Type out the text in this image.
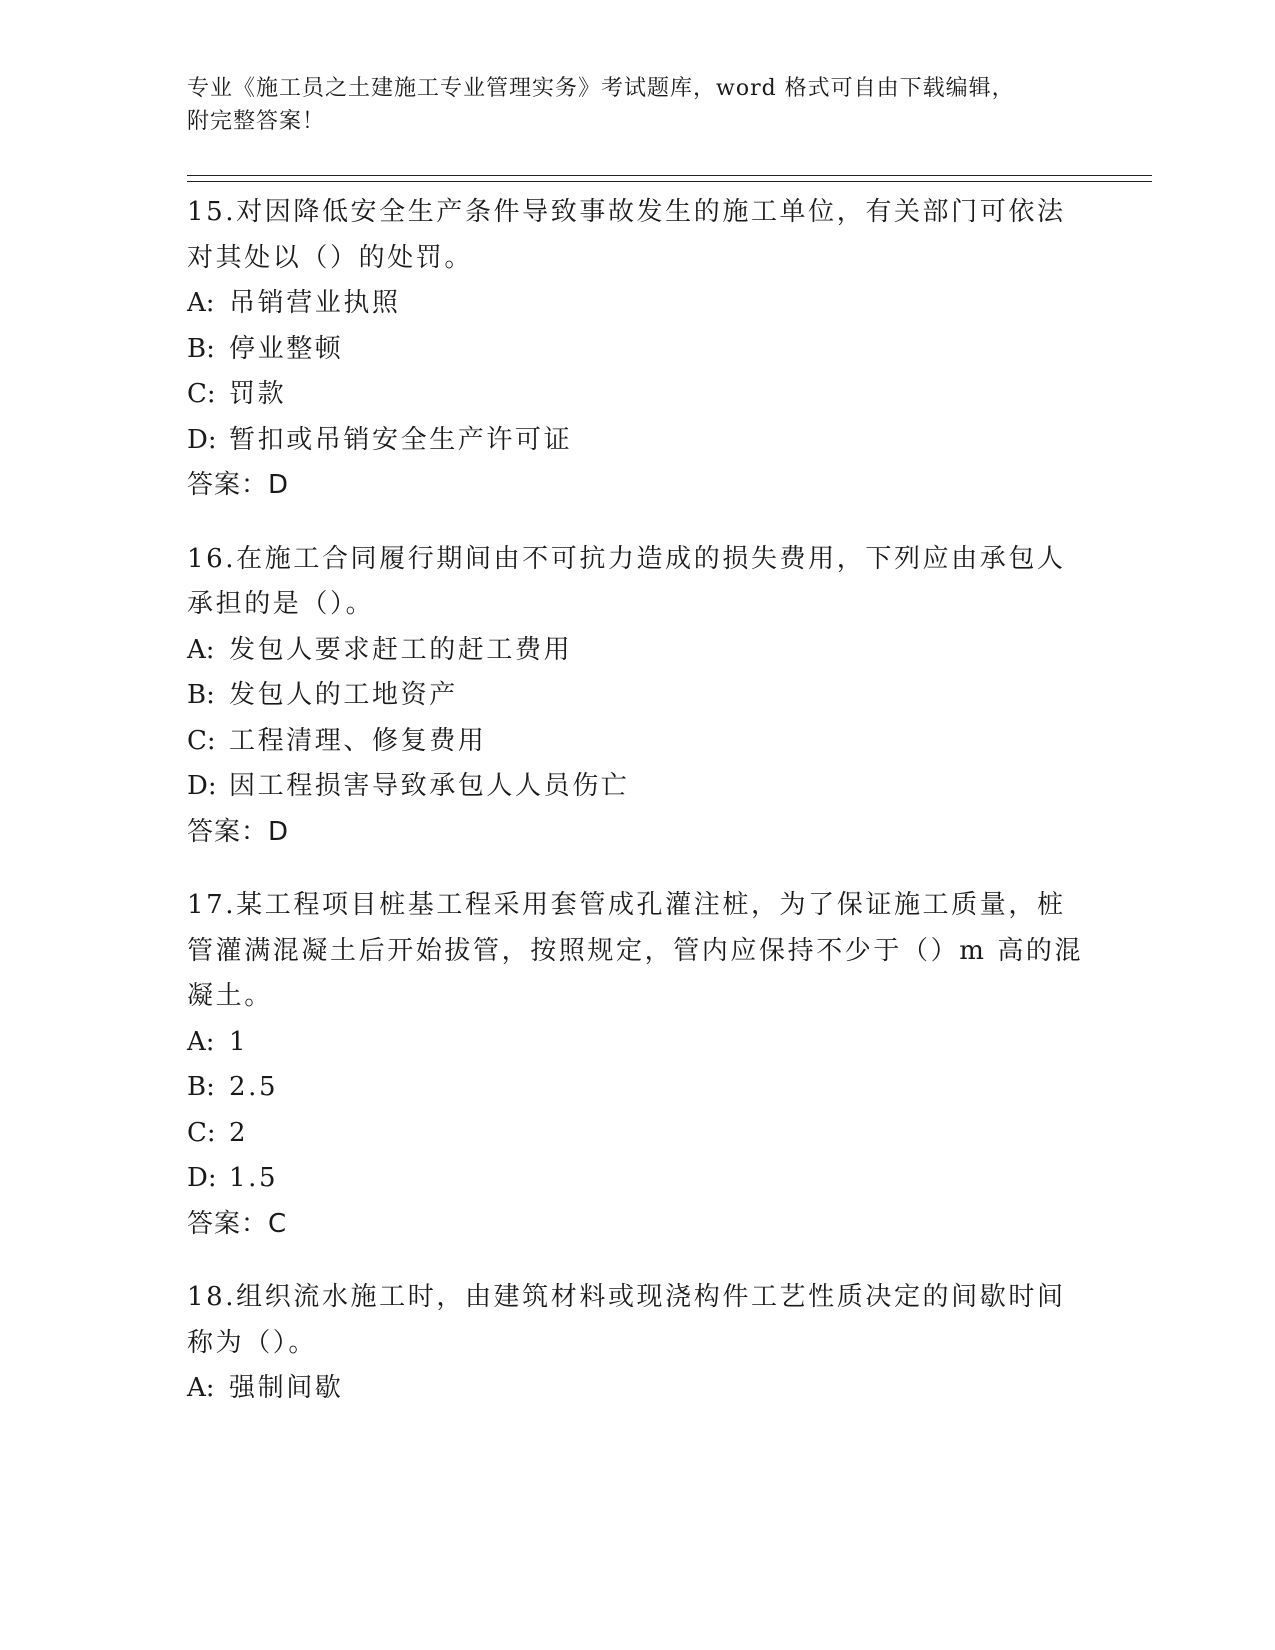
专业《施工员之土建施工专业管理实务》考试题库，word 格式可自由下载编辑，
附完整答案！
15.对因降低安全生产条件导致事故发生的施工单位，有关部门可依法对其处以（）的处罚。
A: 吊销营业执照
B: 停业整顿
C: 罚款
D: 暂扣或吊销安全生产许可证
答案：D
16.在施工合同履行期间由不可抗力造成的损失费用，下列应由承包人承担的是（）。
A: 发包人要求赶工的赶工费用
B: 发包人的工地资产
C: 工程清理、修复费用
D: 因工程损害导致承包人人员伤亡
答案：D
17.某工程项目桩基工程采用套管成孔灌注桩，为了保证施工质量，桩管灌满混凝土后开始拔管，按照规定，管内应保持不少于（）m 高的混凝土。
A: 1
B: 2.5
C: 2
D: 1.5
答案：C
18.组织流水施工时，由建筑材料或现浇构件工艺性质决定的间歇时间称为（）。
A: 强制间歇
